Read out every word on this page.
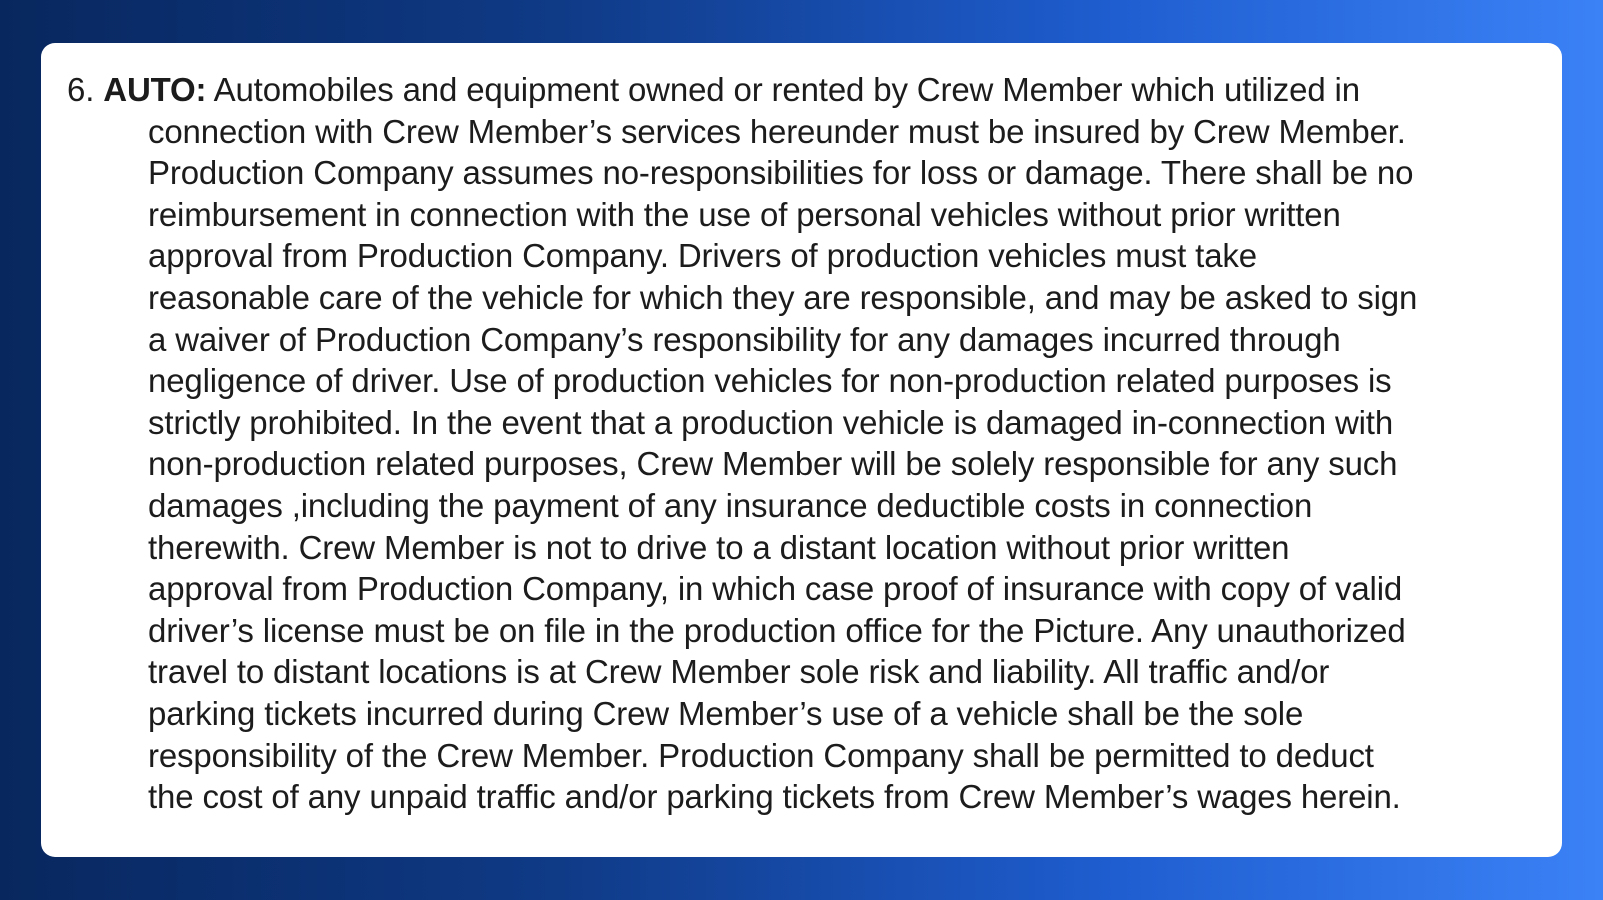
6. AUTO: Automobiles and equipment owned or rented by Crew Member which utilized in
connection with Crew Member’s services hereunder must be insured by Crew Member.
Production Company assumes no-responsibilities for loss or damage. There shall be no
reimbursement in connection with the use of personal vehicles without prior written
approval from Production Company. Drivers of production vehicles must take
reasonable care of the vehicle for which they are responsible, and may be asked to sign
a waiver of Production Company’s responsibility for any damages incurred through
negligence of driver. Use of production vehicles for non-production related purposes is
strictly prohibited. In the event that a production vehicle is damaged in-connection with
non-production related purposes, Crew Member will be solely responsible for any such
damages ,including the payment of any insurance deductible costs in connection
therewith. Crew Member is not to drive to a distant location without prior written
approval from Production Company, in which case proof of insurance with copy of valid
driver’s license must be on file in the production office for the Picture. Any unauthorized
travel to distant locations is at Crew Member sole risk and liability. All traffic and/or
parking tickets incurred during Crew Member’s use of a vehicle shall be the sole
responsibility of the Crew Member. Production Company shall be permitted to deduct
the cost of any unpaid traffic and/or parking tickets from Crew Member’s wages herein.
